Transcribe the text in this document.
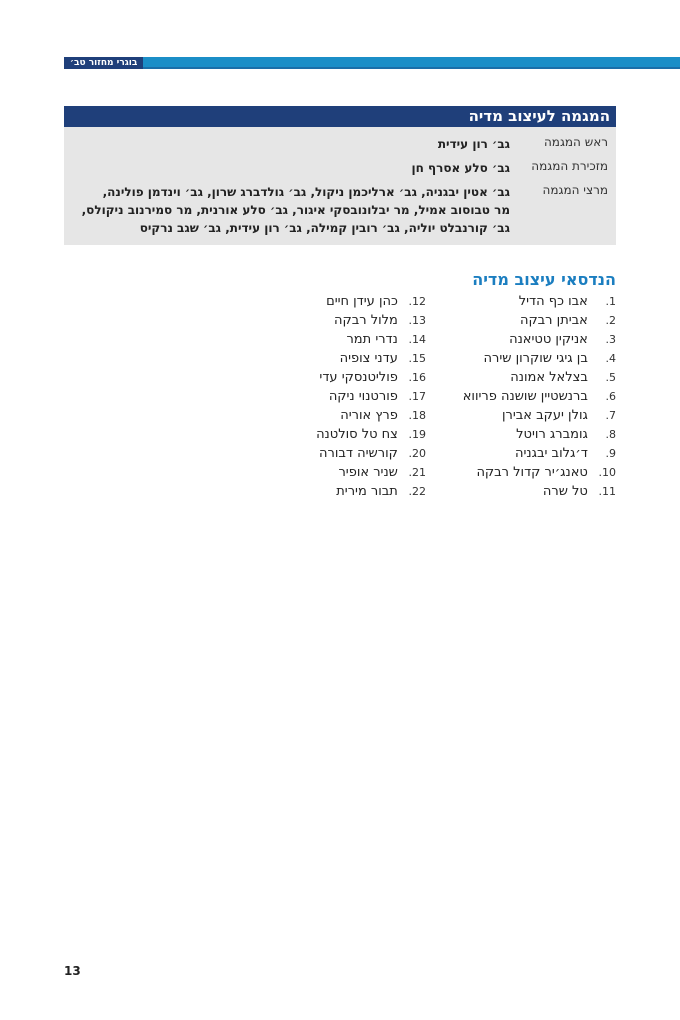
בוגרי מחזור טב׳
המגמה לעיצוב מדיה
ראש המגמה
גב׳ רון עידית
מזכירת המגמה
גב׳ סלע אסרף חן
מרצי המגמה
גב׳ אטין יבגניה, גב׳ ארליכמן ניקול, גב׳ גולדברג שרון, גב׳ וינדמן פולינה,
מר טבוסוב אמיל, מר יבלונובסקי איגור, גב׳ סלע אורנית, מר סמירנוב ניקולס,
גב׳ קורנבלט יוליה, גב׳ רובין קמילה, גב׳ רון עידית, גב׳ שגב נרקיס
הנדסאי עיצוב מדיה
1. אבו כף הדיל
2. אביתן רבקה
3. אניקין טטיאנה
4. בן גיגי שוקרון שירה
5. בצלאל אמונה
6. ברנשטיין שושנה פריווא
7. גולן יעקב אבירן
8. גומברג רויטל
9. ד׳גלוב יבגניה
10. טאנג׳יר קדול רבקה
11. טל שרה
12. כהן עידן חיים
13. מלול רבקה
14. נדרי תמר
15. עדני צופיה
16. פוליטנסקי עדי
17. פורטנוי ניקה
18. פרץ אוריה
19. צח טל סולטנה
20. קורשיה דבורה
21. שניר אופיר
22. תבור מירית
13
